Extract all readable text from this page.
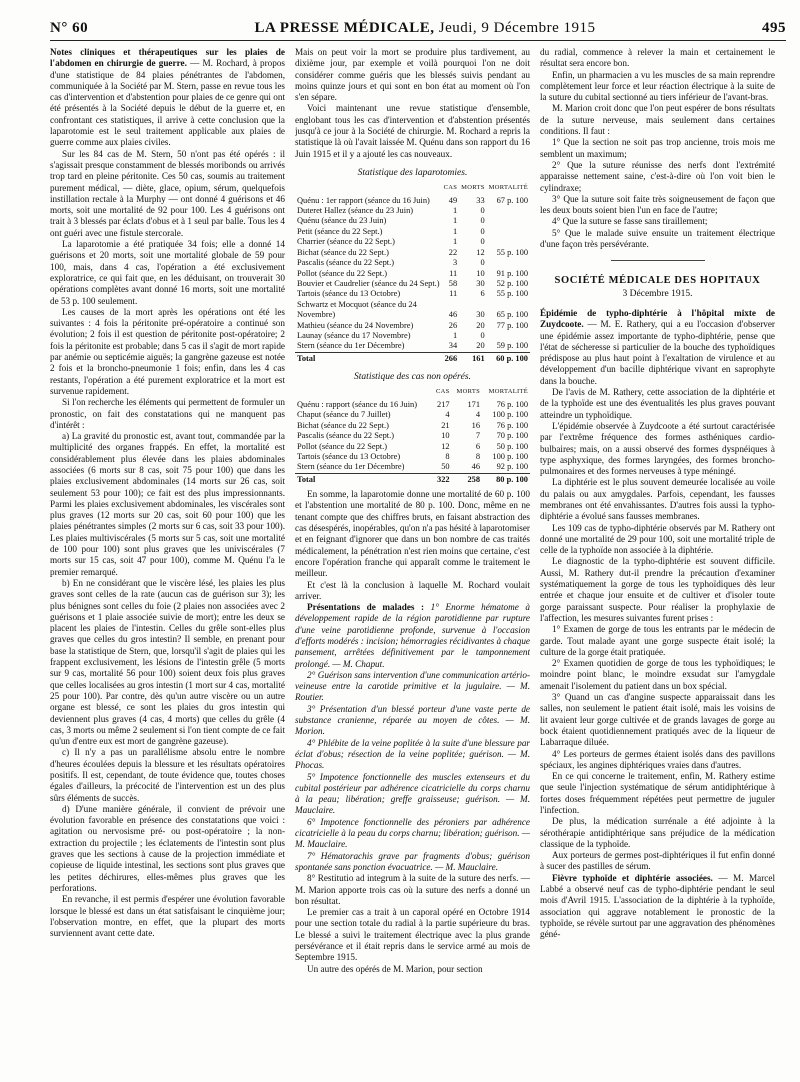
N° 60	LA PRESSE MÉDICALE, Jeudi, 9 Décembre 1915	495

Notes cliniques et thérapeutiques sur les plaies de l'abdomen en chirurgie de guerre. — M. Rochard, à propos d'une statistique de 84 plaies pénétrantes de l'abdomen, communiquée à la Société par M. Stern, passe en revue tous les cas d'intervention et d'abstention pour plaies de ce genre qui ont été présentés à la Société depuis le début de la guerre et, en confrontant ces statistiques, il arrive à cette conclusion que la laparotomie est le seul traitement applicable aux plaies de guerre comme aux plaies civiles.

Sur les 84 cas de M. Stern, 50 n'ont pas été opérés : il s'agissait presque constamment de blessés moribonds ou arrivés trop tard en pleine péritonite. Ces 50 cas, soumis au traitement purement médical, — diète, glace, opium, sérum, quelquefois instillation rectale à la Murphy — ont donné 4 guérisons et 46 morts, soit une mortalité de 92 pour 100. Les 4 guérisons ont trait à 3 blessés par éclats d'obus et à 1 seul par balle. Tous les 4 ont guéri avec une fistule stercorale.

La laparotomie a été pratiquée 34 fois; elle a donné 14 guérisons et 20 morts, soit une mortalité globale de 59 pour 100, mais, dans 4 cas, l'opération a été exclusivement exploratrice, ce qui fait que, en les déduisant, on trouverait 30 opérations complètes avant donné 16 morts, soit une mortalité de 53 p. 100 seulement.

Les causes de la mort après les opérations ont été les suivantes : 4 fois la péritonite pré-opératoire a continué son évolution; 2 fois il est question de péritonite post-opératoire; 2 fois la péritonite est probable; dans 5 cas il s'agit de mort rapide par anémie ou septicémie aiguës; la gangrène gazeuse est notée 2 fois et la broncho-pneumonie 1 fois; enfin, dans les 4 cas restants, l'opération a été purement exploratrice et la mort est survenue rapidement.

Si l'on recherche les éléments qui permettent de formuler un pronostic, on fait des constatations qui ne manquent pas d'intérêt :

a) La gravité du pronostic est, avant tout, commandée par la multiplicité des organes frappés. En effet, la mortalité est considérablement plus élevée dans les plaies abdominales associées (6 morts sur 8 cas, soit 75 pour 100) que dans les plaies exclusivement abdominales (14 morts sur 26 cas, soit seulement 53 pour 100); ce fait est des plus impressionnants. Parmi les plaies exclusivement abdominales, les viscérales sont plus graves (12 morts sur 20 cas, soit 60 pour 100) que les plaies pénétrantes simples (2 morts sur 6 cas, soit 33 pour 100). Les plaies multiviscérales (5 morts sur 5 cas, soit une mortalité de 100 pour 100) sont plus graves que les univiscérales (7 morts sur 15 cas, soit 47 pour 100), comme M. Quénu l'a le premier remarqué.

b) En ne considérant que le viscère lésé, les plaies les plus graves sont celles de la rate (aucun cas de guérison sur 3); les plus bénignes sont celles du foie (2 plaies non associées avec 2 guérisons et 1 plaie associée suivie de mort); entre les deux se placent les plaies de l'intestin. Celles du grêle sont-elles plus graves que celles du gros intestin? Il semble, en prenant pour base la statistique de Stern, que, lorsqu'il s'agit de plaies qui les frappent exclusivement, les lésions de l'intestin grêle (5 morts sur 9 cas, mortalité 56 pour 100) soient deux fois plus graves que celles localisées au gros intestin (1 mort sur 4 cas, mortalité 25 pour 100). Par contre, dès qu'un autre viscère ou un autre organe est blessé, ce sont les plaies du gros intestin qui deviennent plus graves (4 cas, 4 morts) que celles du grêle (4 cas, 3 morts ou même 2 seulement si l'on tient compte de ce fait qu'un d'entre eux est mort de gangrène gazeuse).

c) Il n'y a pas un parallélisme absolu entre le nombre d'heures écoulées depuis la blessure et les résultats opératoires positifs. Il est, cependant, de toute évidence que, toutes choses égales d'ailleurs, la précocité de l'intervention est un des plus sûrs éléments de succès.

d) D'une manière générale, il convient de prévoir une évolution favorable en présence des constatations que voici : agitation ou nervosisme pré- ou post-opératoire ; la non-extraction du projectile ; les éclatements de l'intestin sont plus graves que les sections à cause de la projection immédiate et copieuse de liquide intestinal, les sections sont plus graves que les petites déchirures, elles-mêmes plus graves que les perforations.

En revanche, il est permis d'espérer une évolution favorable lorsque le blessé est dans un état satisfaisant le cinquième jour; l'observation montre, en effet, que la plupart des morts surviennent avant cette date.

Mais on peut voir la mort se produire plus tardivement, au dixième jour, par exemple et voilà pourquoi l'on ne doit considérer comme guéris que les blessés suivis pendant au moins quinze jours et qui sont en bon état au moment où l'on s'en sépare.

Voici maintenant une revue statistique d'ensemble, englobant tous les cas d'intervention et d'abstention présentés jusqu'à ce jour à la Société de chirurgie. M. Rochard a repris la statistique là où l'avait laissée M. Quénu dans son rapport du 16 Juin 1915 et il y a ajouté les cas nouveaux.

Statistique des laparotomies.
	CAS	MORTS	MORTALITÉ
Quénu : 1er rapport (séance du 16 Juin)	49	33	67 p. 100
Duteret Hallez (séance du 23 Juin)	1	0	
Quénu (séance du 23 Juin)	1	0	
Petit (séance du 22 Sept.)	1	0	
Charrier (séance du 22 Sept.)	1	0	
Bichat (séance du 22 Sept.)	22	12	55 p. 100
Pascalis (séance du 22 Sept.)	3	0	
Pollot (séance du 22 Sept.)	11	10	91 p. 100
Bouvier et Caudrelier (séance du 24 Sept.)	58	30	52 p. 100
Tartois (séance du 13 Octobre)	11	6	55 p. 100
Schwartz et Mocquot (séance du 24 Novembre)	46	30	65 p. 100
Mathieu (séance du 24 Novembre)	26	20	77 p. 100
Launay (séance du 17 Novembre)	1	0	
Stern (séance du 1er Décembre)	34	20	59 p. 100
Total	266	161	60 p. 100
Statistique des cas non opérés.
	CAS	MORTS	MORTALITÉ
Quénu : rapport (séance du 16 Juin)	217	171	76 p. 100
Chaput (séance du 7 Juillet)	4	4	100 p. 100
Bichat (séance du 22 Sept.)	21	16	76 p. 100
Pascalis (séance du 22 Sept.)	10	7	70 p. 100
Pollot (séance du 22 Sept.)	12	6	50 p. 100
Tartois (séance du 13 Octobre)	8	8	100 p. 100
Stern (séance du 1er Décembre)	50	46	92 p. 100
Total	322	258	80 p. 100

En somme, la laparotomie donne une mortalité de 60 p. 100 et l'abstention une mortalité de 80 p. 100. Donc, même en ne tenant compte que des chiffres bruts, en faisant abstraction des cas désespérés, inopérables, qu'on n'a pas hésité à laparotomiser et en feignant d'ignorer que dans un bon nombre de cas traités médicalement, la pénétration n'est rien moins que certaine, c'est encore l'opération franche qui apparaît comme le traitement le meilleur.

Et c'est là la conclusion à laquelle M. Rochard voulait arriver.

Présentations de malades : 1° Enorme hématome à développement rapide de la région parotidienne par rupture d'une veine parotidienne profonde, survenue à l'occasion d'efforts modérés : incision; hémorragies récidivantes à chaque pansement, arrêtées définitivement par le tamponnement prolongé. — M. Chaput.

2° Guérison sans intervention d'une communication artério-veineuse entre la carotide primitive et la jugulaire. — M. Routier.

3° Présentation d'un blessé porteur d'une vaste perte de substance cranienne, réparée au moyen de côtes. — M. Morion.

4° Phlébite de la veine poplitée à la suite d'une blessure par éclat d'obus; résection de la veine poplitée; guérison. — M. Phocas.

5° Impotence fonctionnelle des muscles extenseurs et du cubital postérieur par adhérence cicatricielle du corps charnu à la peau; libération; greffe graisseuse; guérison. — M. Mauclaire.

6° Impotence fonctionnelle des péroniers par adhérence cicatricielle à la peau du corps charnu; libération; guérison. — M. Mauclaire.

7° Hématorachis grave par fragments d'obus; guérison spontanée sans ponction évacuatrice. — M. Mauclaire.

8° Restitutio ad integrum à la suite de la suture des nerfs. — M. Marion apporte trois cas où la suture des nerfs a donné un bon résultat.

Le premier cas a trait à un caporal opéré en Octobre 1914 pour une section totale du radial à la partie supérieure du bras. Le blessé a suivi le traitement électrique avec la plus grande persévérance et il était repris dans le service armé au mois de Septembre 1915.

Un autre des opérés de M. Marion, pour section

du radial, commence à relever la main et certainement le résultat sera encore bon.

Enfin, un pharmacien a vu les muscles de sa main reprendre complètement leur force et leur réaction électrique à la suite de la suture du cubital sectionné au tiers inférieur de l'avant-bras.

M. Marion croit donc que l'on peut espérer de bons résultats de la suture nerveuse, mais seulement dans certaines conditions. Il faut :

1° Que la section ne soit pas trop ancienne, trois mois me semblent un maximum;

2° Que la suture réunisse des nerfs dont l'extrémité apparaisse nettement saine, c'est-à-dire où l'on voit bien le cylindraxe;

3° Que la suture soit faite très soigneusement de façon que les deux bouts soient bien l'un en face de l'autre;

4° Que la suture se fasse sans tiraillement;

5° Que le malade suive ensuite un traitement électrique d'une façon très persévérante.

SOCIÉTÉ MÉDICALE DES HOPITAUX
3 Décembre 1915.

Épidémie de typho-diphtérie à l'hôpital mixte de Zuydcoote. — M. E. Rathery, qui a eu l'occasion d'observer une épidémie assez importante de typho-diphtérie, pense que l'état de sécheresse si particulier de la bouche des typhoïdiques prédispose au plus haut point à l'exaltation de virulence et au développement d'un bacille diphtérique vivant en saprophyte dans la bouche.

De l'avis de M. Rathery, cette association de la diphtérie et de la typhoïde est une des éventualités les plus graves pouvant atteindre un typhoïdique.

L'épidémie observée à Zuydcoote a été surtout caractérisée par l'extrême fréquence des formes asthéniques cardio-bulbaires; mais, on a aussi observé des formes dyspnéiques à type asphyxique, des formes laryngées, des formes broncho-pulmonaires et des formes nerveuses à type méningé.

La diphtérie est le plus souvent demeurée localisée au voile du palais ou aux amygdales. Parfois, cependant, les fausses membranes ont été envahissantes. D'autres fois aussi la typho-diphtérie a évolué sans fausses membranes.

Les 109 cas de typho-diphtérie observés par M. Rathery ont donné une mortalité de 29 pour 100, soit une mortalité triple de celle de la typhoïde non associée à la diphtérie.

Le diagnostic de la typho-diphtérie est souvent difficile. Aussi, M. Rathery dut-il prendre la précaution d'examiner systématiquement la gorge de tous les typhoïdiques dès leur entrée et chaque jour ensuite et de cultiver et d'isoler toute gorge paraissant suspecte. Pour réaliser la prophylaxie de l'affection, les mesures suivantes furent prises :

1° Examen de gorge de tous les entrants par le médecin de garde. Tout malade ayant une gorge suspecte était isolé; la culture de la gorge était pratiquée.

2° Examen quotidien de gorge de tous les typhoïdiques; le moindre point blanc, le moindre exsudat sur l'amygdale amenait l'isolement du patient dans un box spécial.

3° Quand un cas d'angine suspecte apparaissait dans les salles, non seulement le patient était isolé, mais les voisins de lit avaient leur gorge cultivée et de grands lavages de gorge au bock étaient quotidiennement pratiqués avec de la liqueur de Labarraque diluée.

4° Les porteurs de germes étaient isolés dans des pavillons spéciaux, les angines diphtériques vraies dans d'autres.

En ce qui concerne le traitement, enfin, M. Rathery estime que seule l'injection systématique de sérum antidiphtérique à fortes doses fréquemment répétées peut permettre de juguler l'infection.

De plus, la médication surrénale a été adjointe à la sérothérapie antidiphtérique sans préjudice de la médication classique de la typhoïde.

Aux porteurs de germes post-diphtériques il fut enfin donné à sucer des pastilles de sérum.

Fièvre typhoïde et diphtérie associées. — M. Marcel Labbé a observé neuf cas de typho-diphtérie pendant le seul mois d'Avril 1915. L'association de la diphtérie à la typhoïde, association qui aggrave notablement le pronostic de la typhoïde, se révèle surtout par une aggravation des phénomènes géné-
